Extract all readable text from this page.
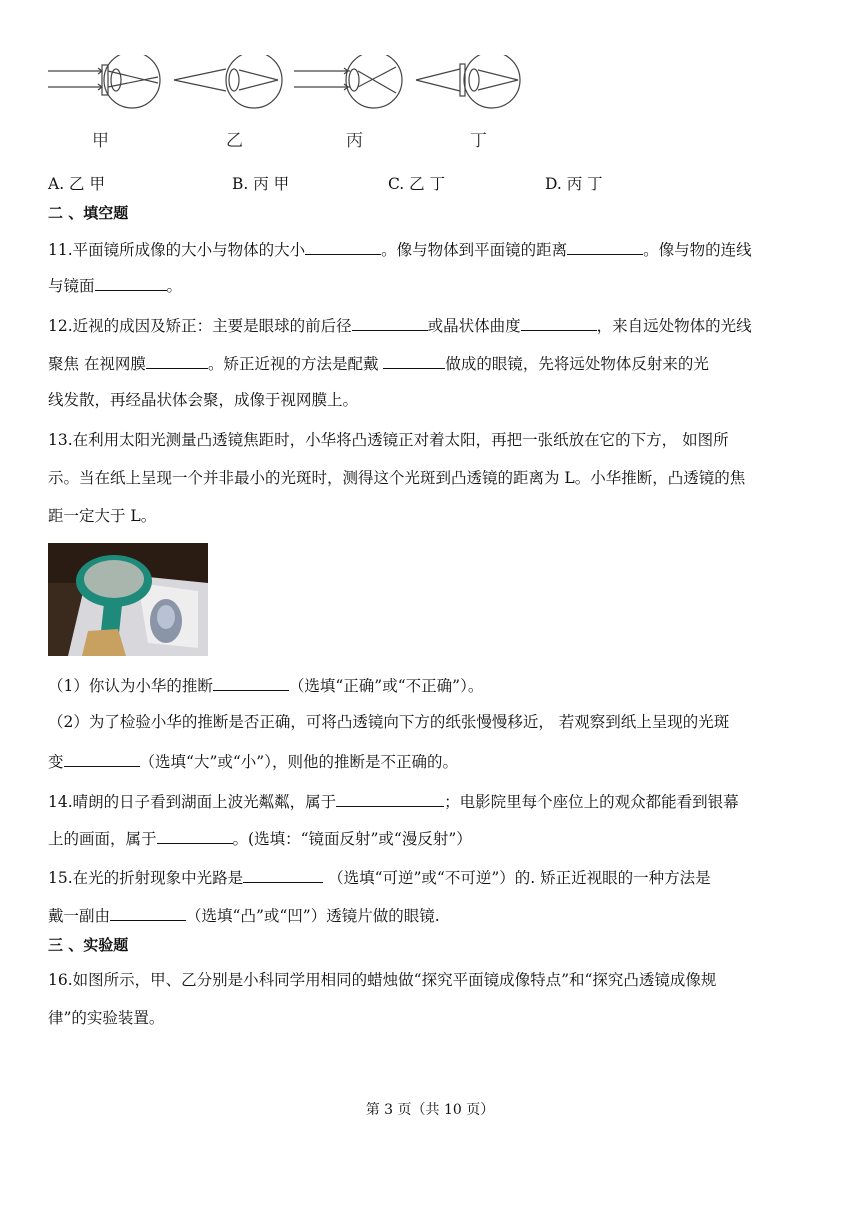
甲	乙	丙	丁
A. 乙 甲	B. 丙 甲	C. 乙 丁	D. 丙 丁
二 、填空题
11.平面镜所成像的大小与物体的大小	。像与物体到平面镜的距离	。像与物的连线
与镜面	。
12.近视的成因及矫正：主要是眼球的前后径	或晶状体曲度	，来自远处物体的光线
聚焦 在视网膜	。矫正近视的方法是配戴	做成的眼镜，先将远处物体反射来的光
线发散，再经晶状体会聚，成像于视网膜上。
13.在利用太阳光测量凸透镜焦距时，小华将凸透镜正对着太阳，再把一张纸放在它的下方， 如图所
示。当在纸上呈现一个并非最小的光斑时，测得这个光斑到凸透镜的距离为 L。小华推断，凸透镜的焦
距一定大于 L。
（1）你认为小华的推断	（选填“正确”或“不正确”）。
（2）为了检验小华的推断是否正确，可将凸透镜向下方的纸张慢慢移近， 若观察到纸上呈现的光斑
变	（选填“大”或“小”），则他的推断是不正确的。
14.晴朗的日子看到湖面上波光粼粼，属于	；电影院里每个座位上的观众都能看到银幕
上的画面，属于	。(选填：“镜面反射”或“漫反射”）
15.在光的折射现象中光路是	（选填“可逆”或“不可逆”）的. 矫正近视眼的一种方法是
戴一副由	（选填“凸”或“凹”）透镜片做的眼镜.
三 、实验题
16.如图所示，甲、乙分别是小科同学用相同的蜡烛做“探究平面镜成像特点”和“探究凸透镜成像规
律”的实验装置。
第 3 页（共 10 页）
